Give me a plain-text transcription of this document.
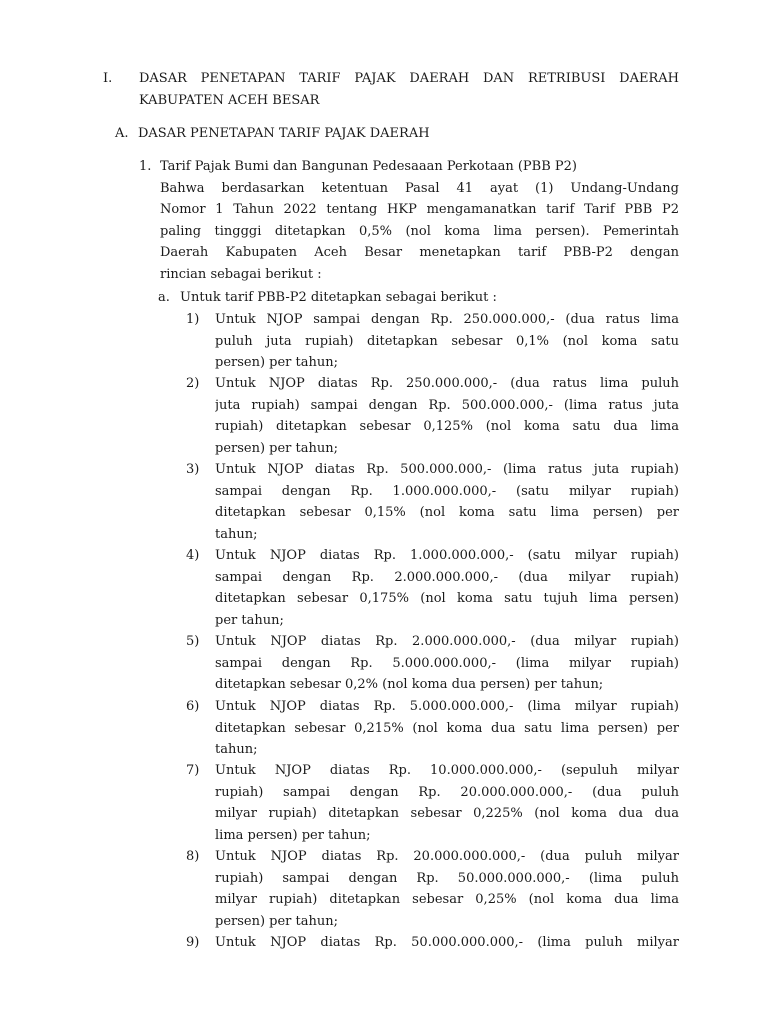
I. DASAR PENETAPAN TARIF PAJAK DAERAH DAN RETRIBUSI DAERAH
KABUPATEN ACEH BESAR
A. DASAR PENETAPAN TARIF PAJAK DAERAH
1. Tarif Pajak Bumi dan Bangunan Pedesaaan Perkotaan (PBB P2)
Bahwa berdasarkan ketentuan Pasal 41 ayat (1) Undang-Undang
Nomor 1 Tahun 2022 tentang HKP mengamanatkan tarif Tarif PBB P2
paling tingggi ditetapkan 0,5% (nol koma lima persen). Pemerintah
Daerah Kabupaten Aceh Besar menetapkan tarif PBB-P2 dengan
rincian sebagai berikut :
a. Untuk tarif PBB-P2 ditetapkan sebagai berikut :
1) Untuk NJOP sampai dengan Rp. 250.000.000,- (dua ratus lima
puluh juta rupiah) ditetapkan sebesar 0,1% (nol koma satu
persen) per tahun;
2) Untuk NJOP diatas Rp. 250.000.000,- (dua ratus lima puluh
juta rupiah) sampai dengan Rp. 500.000.000,- (lima ratus juta
rupiah) ditetapkan sebesar 0,125% (nol koma satu dua lima
persen) per tahun;
3) Untuk NJOP diatas Rp. 500.000.000,- (lima ratus juta rupiah)
sampai dengan Rp. 1.000.000.000,- (satu milyar rupiah)
ditetapkan sebesar 0,15% (nol koma satu lima persen) per
tahun;
4) Untuk NJOP diatas Rp. 1.000.000.000,- (satu milyar rupiah)
sampai dengan Rp. 2.000.000.000,- (dua milyar rupiah)
ditetapkan sebesar 0,175% (nol koma satu tujuh lima persen)
per tahun;
5) Untuk NJOP diatas Rp. 2.000.000.000,- (dua milyar rupiah)
sampai dengan Rp. 5.000.000.000,- (lima milyar rupiah)
ditetapkan sebesar 0,2% (nol koma dua persen) per tahun;
6) Untuk NJOP diatas Rp. 5.000.000.000,- (lima milyar rupiah)
ditetapkan sebesar 0,215% (nol koma dua satu lima persen) per
tahun;
7) Untuk NJOP diatas Rp. 10.000.000.000,- (sepuluh milyar
rupiah) sampai dengan Rp. 20.000.000.000,- (dua puluh
milyar rupiah) ditetapkan sebesar 0,225% (nol koma dua dua
lima persen) per tahun;
8) Untuk NJOP diatas Rp. 20.000.000.000,- (dua puluh milyar
rupiah) sampai dengan Rp. 50.000.000.000,- (lima puluh
milyar rupiah) ditetapkan sebesar 0,25% (nol koma dua lima
persen) per tahun;
9) Untuk NJOP diatas Rp. 50.000.000.000,- (lima puluh milyar
